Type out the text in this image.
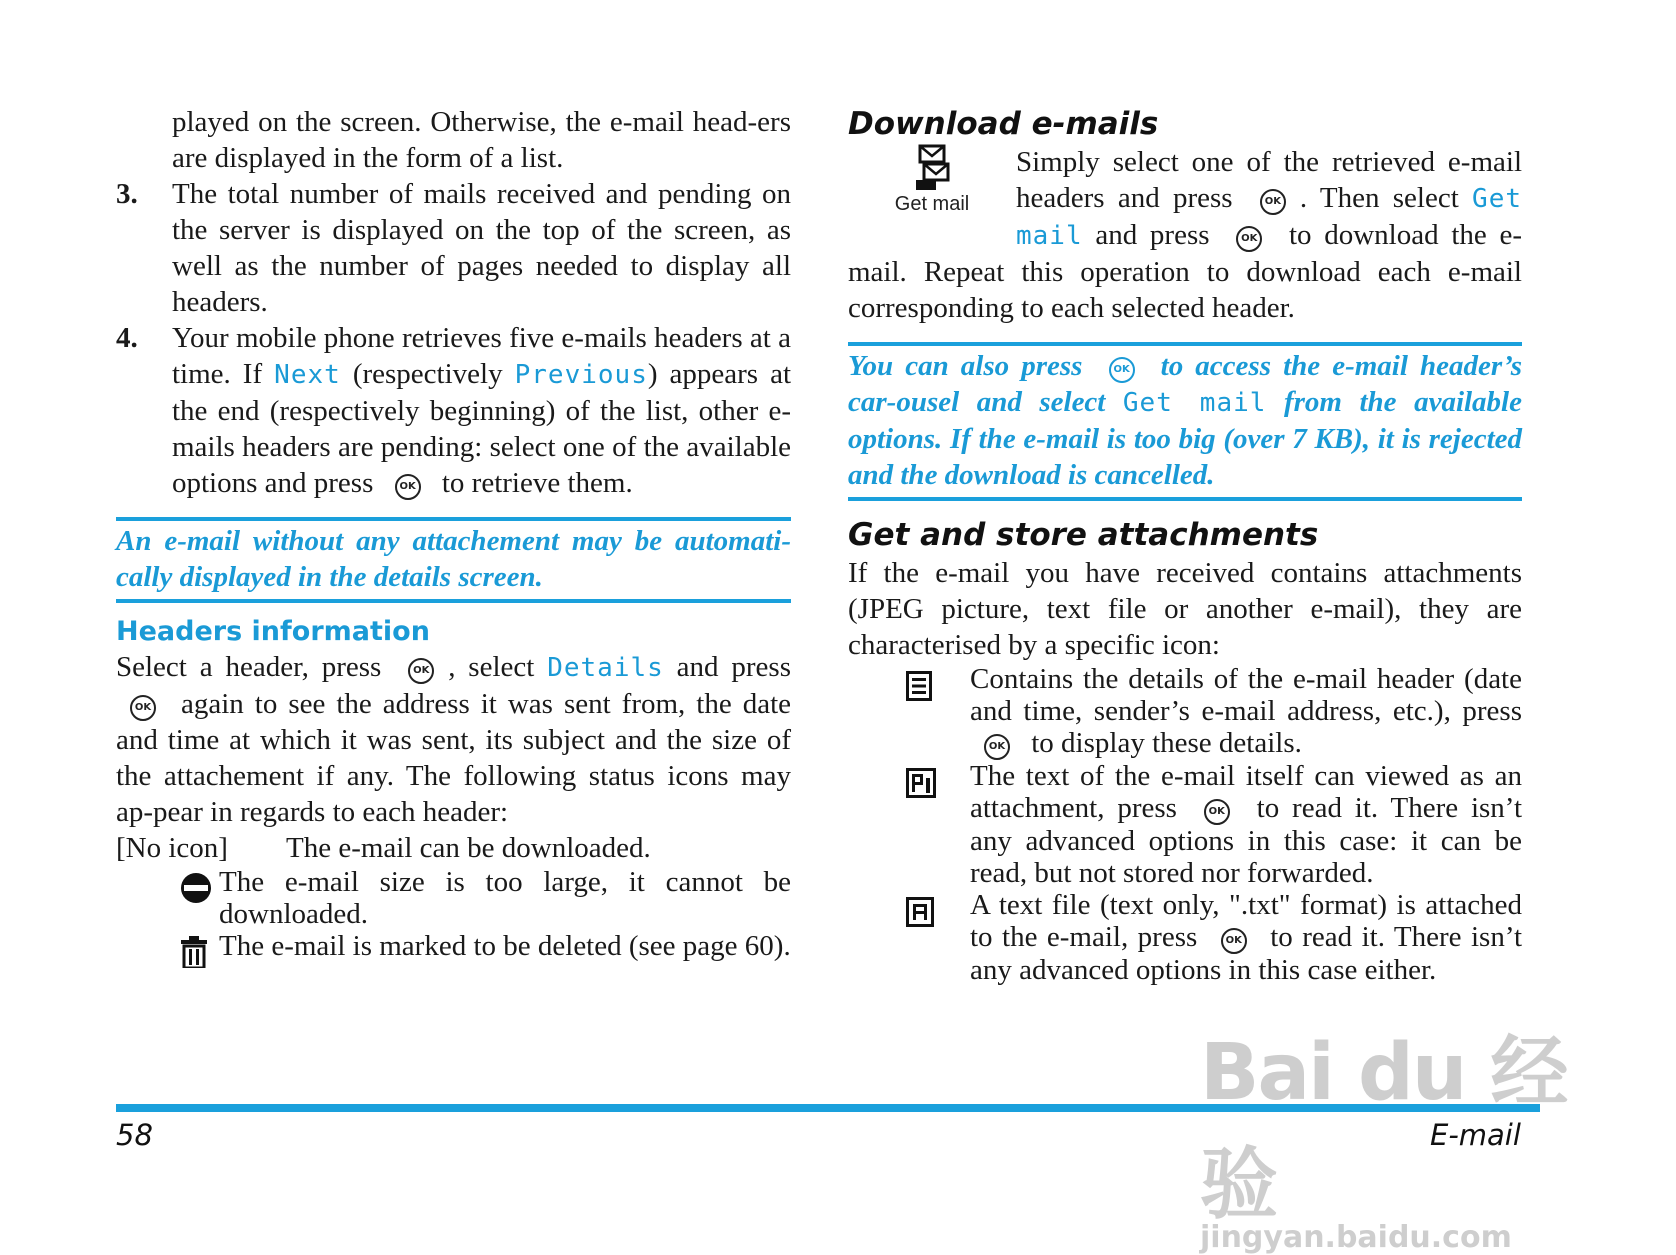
played on the screen. Otherwise, the e-mail head-ers are displayed in the form of a list.

3. The total number of mails received and pending on the server is displayed on the top of the screen, as well as the number of pages needed to display all headers.
4. Your mobile phone retrieves five e-mails headers at a time. If Next (respectively Previous) appears at the end (respectively beginning) of the list, other e-mails headers are pending: select one of the available options and press	OK to retrieve them.
An e-mail without any attachement may be automati-cally displayed in the details screen.
Headers information

Select a header, press	OK , select Details and press OK again to see the address it was sent from, the date and time at which it was sent, its subject and the size of the attachement if any. The following status icons may ap-pear in regards to each header:

[No icon]	The e-mail can be downloaded.
The e-mail size is too large, it cannot be downloaded.
The e-mail is marked to be deleted (see page 60).
Download e-mails
Get mail

Simply select one of the retrieved e-mail headers and press	OK . Then select Get mail and press	OK to download the e-mail. Repeat this operation to download each e-mail corresponding to each selected header.

You can also press	OK to access the e-mail header’s car-ousel and select Get mail from the available options. If the e-mail is too big (over 7 KB), it is rejected and the download is cancelled.
Get and store attachments

If the e-mail you have received contains attachments (JPEG picture, text file or another e-mail), they are characterised by a specific icon:

Contains the details of the e-mail header (date and time, sender’s e-mail address, etc.), press OK to display these details.
The text of the e-mail itself can viewed as an attachment, press	OK to read it. There isn’t any advanced options in this case: it can be read, but not stored nor forwarded.
A text file (text only, ".txt" format) is attached to the e-mail, press	OK to read it. There isn’t any advanced options in this case either.
58	E-mail
Bai du 经验
jingyan.baidu.com
